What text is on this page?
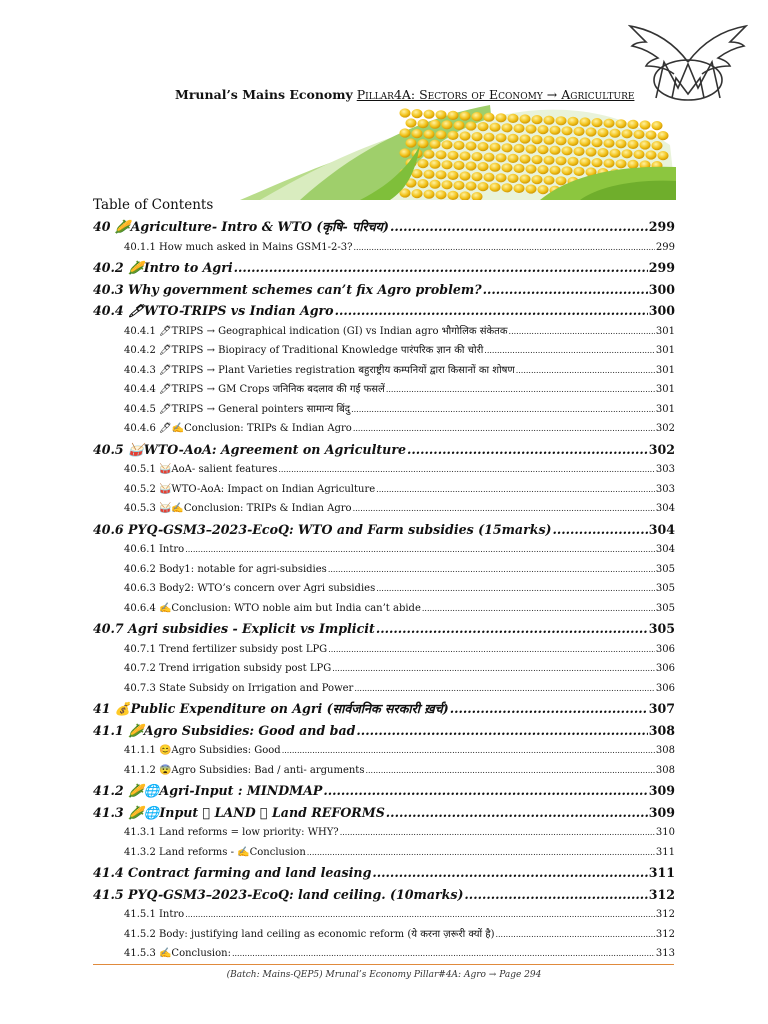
Mrunal’s Mains Economy Pillar4A: Sectors of Economy → Agriculture
Table of Contents
40 🌽Agriculture- Intro & WTO (कृषि- परिचय) .....	299
40.1.1 How much asked in Mains GSM1-2-3? .....	299
40.2 🌽Intro to Agri .....	299
40.3 Why government schemes can’t fix Agro problem? .....	300
40.4 🖊WTO-TRIPS vs Indian Agro .....	300
40.4.1 🖊TRIPS → Geographical indication (GI) vs Indian agro भौगोलिक संकेतक .....	301
40.4.2 🖊TRIPS → Biopiracy of Traditional Knowledge पारंपरिक ज्ञान की चोरी .....	301
40.4.3 🖊TRIPS → Plant Varieties registration बहुराष्ट्रीय कम्पनियों द्वारा किसानों का शोषण .....	301
40.4.4 🖊TRIPS → GM Crops जनिनिक बदलाव की गई फसलें .....	301
40.4.5 🖊TRIPS → General pointers सामान्य बिंदु .....	301
40.4.6 🖊✍Conclusion: TRIPs & Indian Agro .....	302
40.5 🥁WTO-AoA: Agreement on Agriculture .....	302
40.5.1 🥁AoA- salient features .....	303
40.5.2 🥁WTO-AoA: Impact on Indian Agriculture .....	303
40.5.3 🥁✍Conclusion: TRIPs & Indian Agro .....	304
40.6 PYQ-GSM3–2023-EcoQ: WTO and Farm subsidies (15marks) .....	304
40.6.1 Intro .....	304
40.6.2 Body1: notable for agri-subsidies .....	305
40.6.3 Body2: WTO’s concern over Agri subsidies .....	305
40.6.4 ✍Conclusion: WTO noble aim but India can’t abide .....	305
40.7 Agri subsidies - Explicit vs Implicit .....	305
40.7.1 Trend fertilizer subsidy post LPG .....	306
40.7.2 Trend irrigation subsidy post LPG .....	306
40.7.3 State Subsidy on Irrigation and Power .....	306
41 💰Public Expenditure on Agri (सार्वजनिक सरकारी ख़र्च) .....	307
41.1 🌽Agro Subsidies: Good and bad .....	308
41.1.1 😊Agro Subsidies: Good .....	308
41.1.2 😨Agro Subsidies: Bad / anti- arguments .....	308
41.2 🌽🌐Agri-Input : MINDMAP .....	309
41.3 🌽🌐Input ⃞ LAND ⃞ Land REFORMS .....	309
41.3.1 Land reforms = low priority: WHY? .....	310
41.3.2 Land reforms - ✍Conclusion .....	311
41.4 Contract farming and land leasing .....	311
41.5 PYQ-GSM3–2023-EcoQ: land ceiling. (10marks) .....	312
41.5.1 Intro .....	312
41.5.2 Body: justifying land ceiling as economic reform (ये करना ज़रूरी क्यों है) .....	312
41.5.3 ✍Conclusion: .....	313
(Batch: Mains-QEP5) Mrunal’s Economy Pillar#4A: Agro → Page 294
